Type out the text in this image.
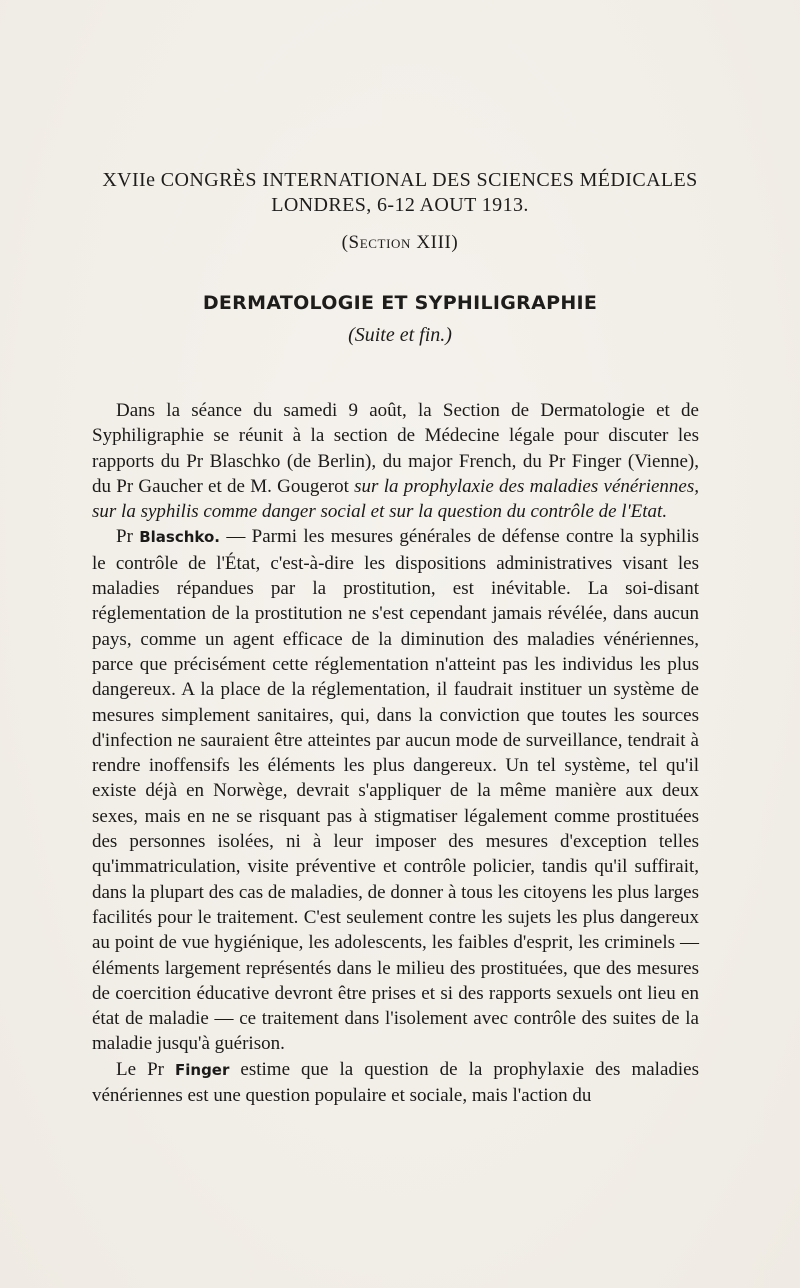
XVIIe CONGRÈS INTERNATIONAL DES SCIENCES MÉDICALES
LONDRES, 6-12 AOUT 1913.
(Section XIII)
DERMATOLOGIE ET SYPHILIGRAPHIE
(Suite et fin.)

Dans la séance du samedi 9 août, la Section de Dermatologie et de Syphiligraphie se réunit à la section de Médecine légale pour discuter les rapports du Pr Blaschko (de Berlin), du major French, du Pr Finger (Vienne), du Pr Gaucher et de M. Gougerot sur la prophylaxie des maladies vénériennes, sur la syphilis comme danger social et sur la question du contrôle de l'Etat.

Pr Blaschko. — Parmi les mesures générales de défense contre la syphilis le contrôle de l'État, c'est-à-dire les dispositions administratives visant les maladies répandues par la prostitution, est inévitable. La soi-disant réglementation de la prostitution ne s'est cependant jamais révélée, dans aucun pays, comme un agent efficace de la diminution des maladies vénériennes, parce que précisément cette réglementation n'atteint pas les individus les plus dangereux. A la place de la réglementation, il faudrait instituer un système de mesures simplement sanitaires, qui, dans la conviction que toutes les sources d'infection ne sauraient être atteintes par aucun mode de surveillance, tendrait à rendre inoffensifs les éléments les plus dangereux. Un tel système, tel qu'il existe déjà en Norwège, devrait s'appliquer de la même manière aux deux sexes, mais en ne se risquant pas à stigmatiser légalement comme prostituées des personnes isolées, ni à leur imposer des mesures d'exception telles qu'immatriculation, visite préventive et contrôle policier, tandis qu'il suffirait, dans la plupart des cas de maladies, de donner à tous les citoyens les plus larges facilités pour le traitement. C'est seulement contre les sujets les plus dangereux au point de vue hygiénique, les adolescents, les faibles d'esprit, les criminels — éléments largement représentés dans le milieu des prostituées, que des mesures de coercition éducative devront être prises et si des rapports sexuels ont lieu en état de maladie — ce traitement dans l'isolement avec contrôle des suites de la maladie jusqu'à guérison.

Le Pr Finger estime que la question de la prophylaxie des maladies vénériennes est une question populaire et sociale, mais l'action du
